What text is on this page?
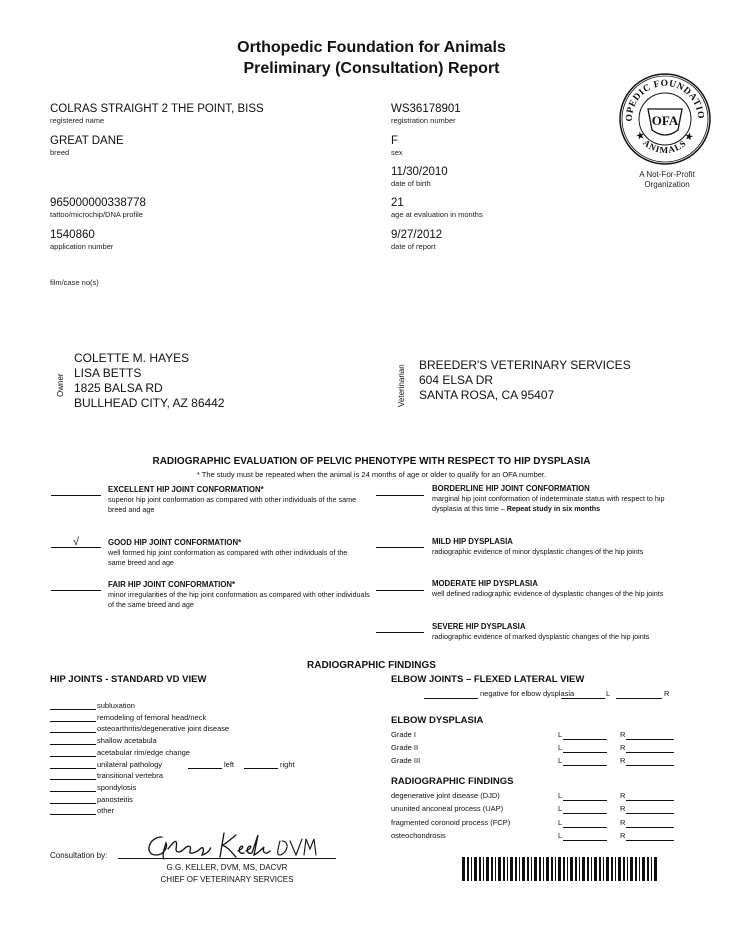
Orthopedic Foundation for Animals
Preliminary (Consultation) Report
OPEDIC FOUNDATIO
★ ANIMALS ★
OFA
A Not-For-Profit
Organization
COLRAS STRAIGHT 2 THE POINT, BISS
registered name
GREAT DANE
breed
965000000338778
tattoo/microchip/DNA profile
1540860
application number
film/case no(s)
WS36178901
registration number
F
sex
11/30/2010
date of birth
21
age at evaluation in months
9/27/2012
date of report
Owner
COLETTE M. HAYES
LISA BETTS
1825 BALSA RD
BULLHEAD CITY, AZ 86442	Veterinarian BREEDER'S VETERINARY SERVICES
604 ELSA DR
SANTA ROSA, CA 95407
RADIOGRAPHIC EVALUATION OF PELVIC PHENOTYPE WITH RESPECT TO HIP DYSPLASIA
* The study must be repeated when the animal is 24 months of age or older to qualify for an OFA number.
EXCELLENT HIP JOINT CONFORMATION*
superior hip joint conformation as compared with other individuals of the same breed and age
√	GOOD HIP JOINT CONFORMATION*
well formed hip joint conformation as compared with other individuals of the same breed and age
FAIR HIP JOINT CONFORMATION*
minor irregularities of the hip joint conformation as compared with other individuals of the same breed and age
BORDERLINE HIP JOINT CONFORMATION
marginal hip joint conformation of indeterminate status with respect to hip dysplasia at this time – Repeat study in six months
MILD HIP DYSPLASIA
radiographic evidence of minor dysplastic changes of the hip joints
MODERATE HIP DYSPLASIA
well defined radiographic evidence of dysplastic changes of the hip joints
SEVERE HIP DYSPLASIA
radiographic evidence of marked dysplastic changes of the hip joints
RADIOGRAPHIC FINDINGS
HIP JOINTS - STANDARD VD VIEW
subluxation
remodeling of femoral head/neck
osteoarthritis/degenerative joint disease
shallow acetabula
acetabular rim/edge change
unilateral pathology	left	right
transitional vertebra
spondylosis
panosteitis
other
ELBOW JOINTS – FLEXED LATERAL VIEW
negative for elbow dysplasia	L	R
ELBOW DYSPLASIA
Grade I	L	R
Grade II	L	R
Grade III	L	R
RADIOGRAPHIC FINDINGS
degenerative joint disease (DJD)	L	R
ununited anconeal process (UAP)	L	R
fragmented coronoid process (FCP)	L	R
osteochondrosis	L	R
Consultation by:
G.G. KELLER, DVM, MS, DACVR
CHIEF OF VETERINARY SERVICES
